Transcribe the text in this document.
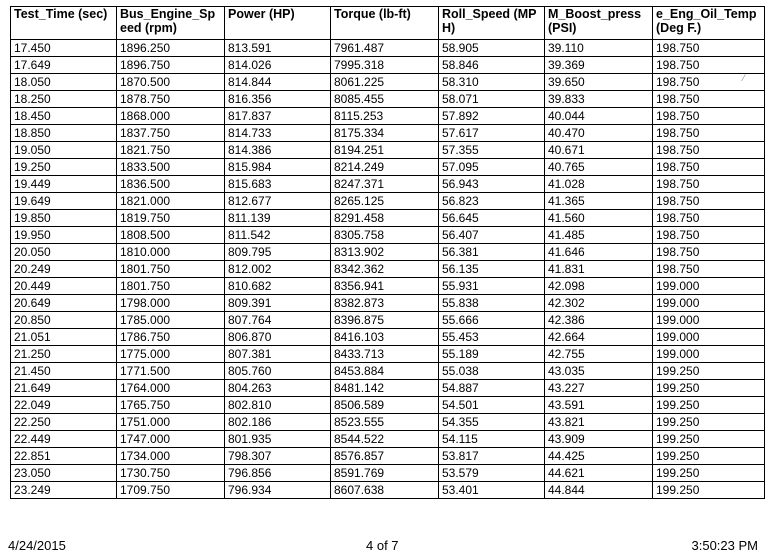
Test_Time (sec)	Bus_Engine_Speed (rpm)	Power (HP)	Torque (lb-ft)	Roll_Speed (MPH)	M_Boost_press (PSI)	e_Eng_Oil_Temp (Deg F.)
17.450	1896.250	813.591	7961.487	58.905	39.110	198.750
17.649	1896.750	814.026	7995.318	58.846	39.369	198.750
18.050	1870.500	814.844	8061.225	58.310	39.650	198.750
18.250	1878.750	816.356	8085.455	58.071	39.833	198.750
18.450	1868.000	817.837	8115.253	57.892	40.044	198.750
18.850	1837.750	814.733	8175.334	57.617	40.470	198.750
19.050	1821.750	814.386	8194.251	57.355	40.671	198.750
19.250	1833.500	815.984	8214.249	57.095	40.765	198.750
19.449	1836.500	815.683	8247.371	56.943	41.028	198.750
19.649	1821.000	812.677	8265.125	56.823	41.365	198.750
19.850	1819.750	811.139	8291.458	56.645	41.560	198.750
19.950	1808.500	811.542	8305.758	56.407	41.485	198.750
20.050	1810.000	809.795	8313.902	56.381	41.646	198.750
20.249	1801.750	812.002	8342.362	56.135	41.831	198.750
20.449	1801.750	810.682	8356.941	55.931	42.098	199.000
20.649	1798.000	809.391	8382.873	55.838	42.302	199.000
20.850	1785.000	807.764	8396.875	55.666	42.386	199.000
21.051	1786.750	806.870	8416.103	55.453	42.664	199.000
21.250	1775.000	807.381	8433.713	55.189	42.755	199.000
21.450	1771.500	805.760	8453.884	55.038	43.035	199.250
21.649	1764.000	804.263	8481.142	54.887	43.227	199.250
22.049	1765.750	802.810	8506.589	54.501	43.591	199.250
22.250	1751.000	802.186	8523.555	54.355	43.821	199.250
22.449	1747.000	801.935	8544.522	54.115	43.909	199.250
22.851	1734.000	798.307	8576.857	53.817	44.425	199.250
23.050	1730.750	796.856	8591.769	53.579	44.621	199.250
23.249	1709.750	796.934	8607.638	53.401	44.844	199.250
4/24/2015	4 of 7	3:50:23 PM
⁄
